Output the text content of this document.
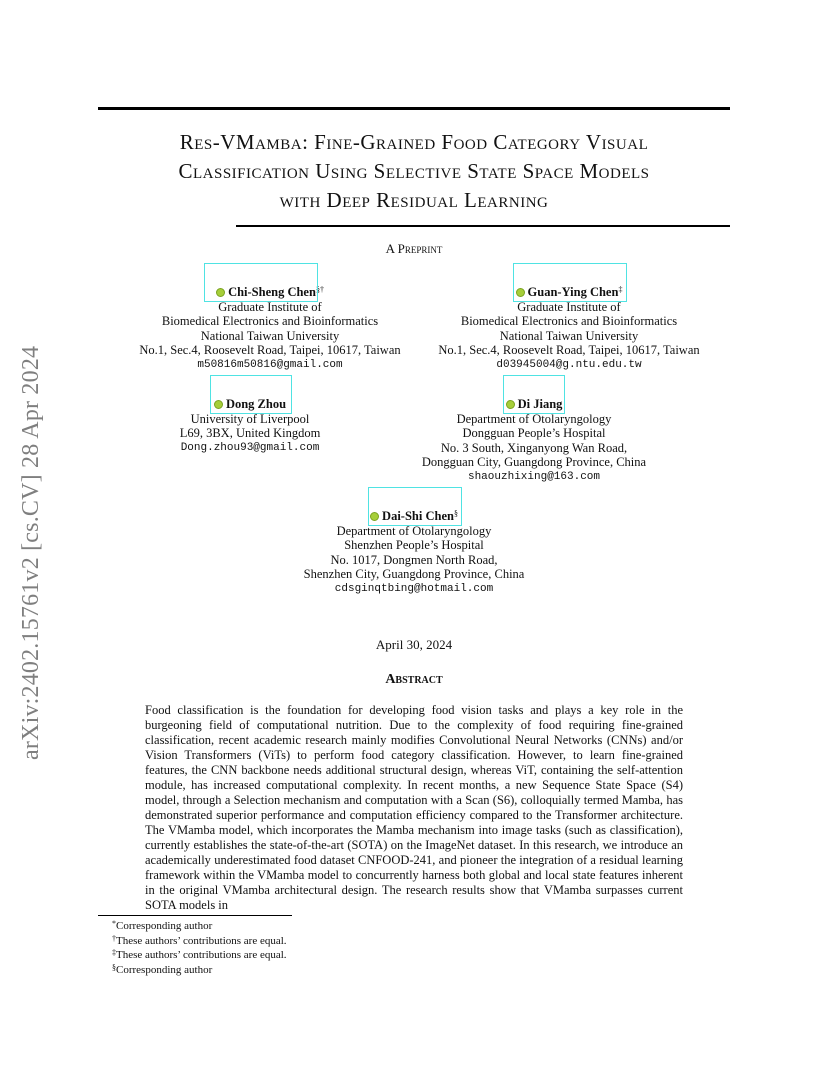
arXiv:2402.15761v2 [cs.CV] 28 Apr 2024
Res-VMamba: Fine-Grained Food Category Visual
Classification Using Selective State Space Models
with Deep Residual Learning
A Preprint
Chi-Sheng Chen§†
Graduate Institute of
Biomedical Electronics and Bioinformatics
National Taiwan University
No.1, Sec.4, Roosevelt Road, Taipei, 10617, Taiwan
m50816m50816@gmail.com
Guan-Ying Chen‡
Graduate Institute of
Biomedical Electronics and Bioinformatics
National Taiwan University
No.1, Sec.4, Roosevelt Road, Taipei, 10617, Taiwan
d03945004@g.ntu.edu.tw
Dong Zhou
University of Liverpool
L69, 3BX, United Kingdom
Dong.zhou93@gmail.com
Di Jiang
Department of Otolaryngology
Dongguan People’s Hospital
No. 3 South, Xinganyong Wan Road,
Dongguan City, Guangdong Province, China
shaouzhixing@163.com
Dai-Shi Chen§
Department of Otolaryngology
Shenzhen People’s Hospital
No. 1017, Dongmen North Road,
Shenzhen City, Guangdong Province, China
cdsginqtbing@hotmail.com
April 30, 2024
Abstract
Food classification is the foundation for developing food vision tasks and plays a key role in the burgeoning field of computational nutrition. Due to the complexity of food requiring fine-grained classification, recent academic research mainly modifies Convolutional Neural Networks (CNNs) and/or Vision Transformers (ViTs) to perform food category classification. However, to learn fine-grained features, the CNN backbone needs additional structural design, whereas ViT, containing the self-attention module, has increased computational complexity. In recent months, a new Sequence State Space (S4) model, through a Selection mechanism and computation with a Scan (S6), colloquially termed Mamba, has demonstrated superior performance and computation efficiency compared to the Transformer architecture. The VMamba model, which incorporates the Mamba mechanism into image tasks (such as classification), currently establishes the state-of-the-art (SOTA) on the ImageNet dataset. In this research, we introduce an academically underestimated food dataset CNFOOD-241, and pioneer the integration of a residual learning framework within the VMamba model to concurrently harness both global and local state features inherent in the original VMamba architectural design. The research results show that VMamba surpasses current SOTA models in
*Corresponding author
†These authors’ contributions are equal.
‡These authors’ contributions are equal.
§Corresponding author
